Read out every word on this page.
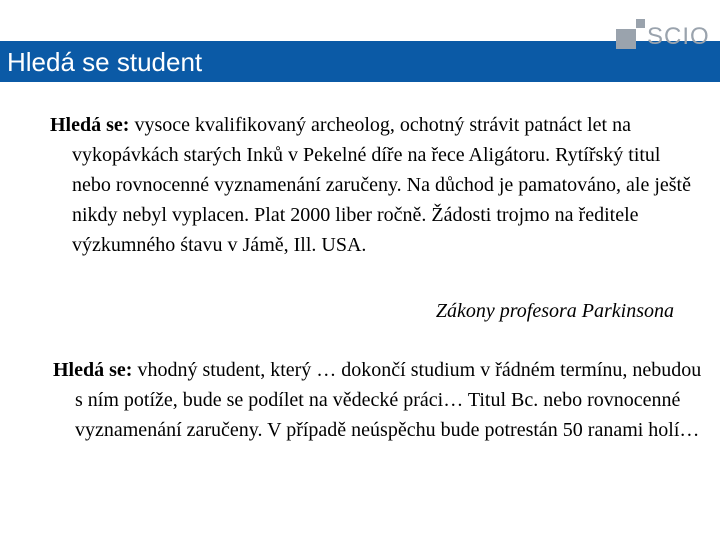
Hledá se student
SCIO
Hledá se: vysoce kvalifikovaný archeolog, ochotný strávit patnáct let na vykopávkách starých Inků v Pekelné díře na řece Aligátoru. Rytířský titul nebo rovnocenné vyznamenání zaručeny. Na důchod je pamatováno, ale ještě nikdy nebyl vyplacen. Plat 2000 liber ročně. Žádosti trojmo na ředitele výzkumného śtavu v Jámě, Ill. USA.
Zákony profesora Parkinsona
Hledá se: vhodný student, který … dokončí studium v řádném termínu, nebudou s ním potíže, bude se podílet na vědecké práci… Titul Bc. nebo rovnocenné vyznamenání zaručeny. V případě neúspěchu bude potrestán 50 ranami holí…
